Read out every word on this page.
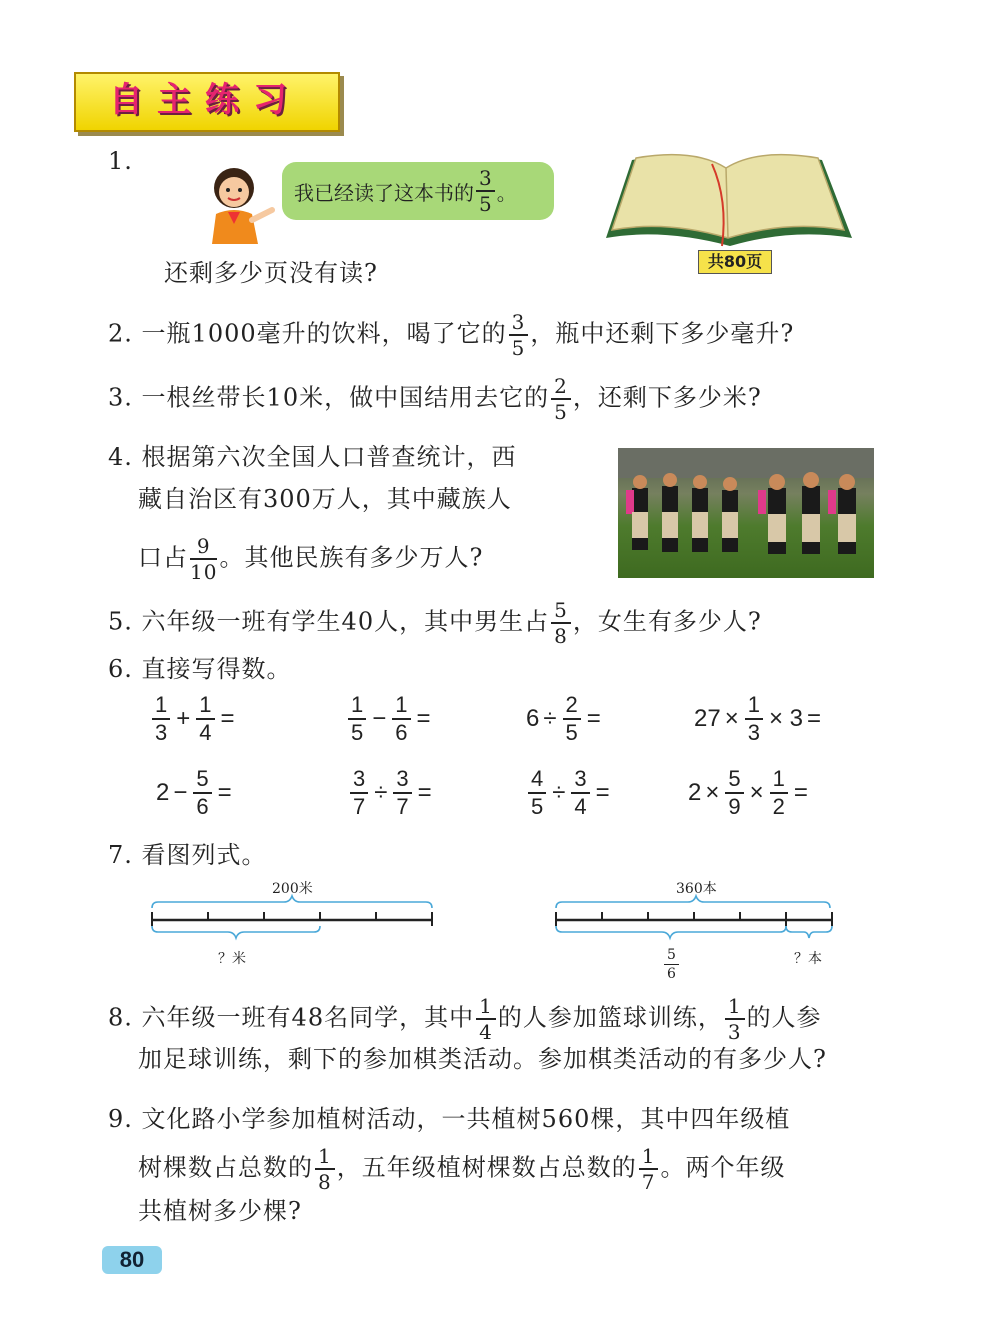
自主练习
1.
我已经读了这本书的 $\frac{3}{5}$ 。
共80页
还剩多少页没有读?
2. 一瓶1000毫升的饮料，喝了它的 $\frac{3}{5}$ ，瓶中还剩下多少毫升?
3. 一根丝带长10米，做中国结用去它的 $\frac{2}{5}$ ，还剩下多少米?
4. 根据第六次全国人口普查统计，西
藏自治区有300万人，其中藏族人
口占 $\frac{9}{10}$ 。其他民族有多少万人?
5. 六年级一班有学生40人，其中男生占 $\frac{5}{8}$ ，女生有多少人?
6. 直接写得数。
$\frac{1}{3} + \frac{1}{4}$ =	$\frac{1}{5} - \frac{1}{6}$ =	$6 \div \frac{2}{5}$ =	$27 \times \frac{1}{3} \times 3$ =
$2 - \frac{5}{6}$ =	$\frac{3}{7} \div \frac{3}{7}$ =	$\frac{4}{5} \div \frac{3}{4}$ =	$2 \times \frac{5}{9} \times \frac{1}{2}$ =
7. 看图列式。
200米
？米
360本
$\frac{5}{6}$	？本
8. 六年级一班有48名同学，其中 $\frac{1}{4}$ 的人参加篮球训练， $\frac{1}{3}$ 的人参
加足球训练，剩下的参加棋类活动。参加棋类活动的有多少人?
9. 文化路小学参加植树活动，一共植树560棵，其中四年级植
树棵数占总数的 $\frac{1}{8}$ ，五年级植树棵数占总数的 $\frac{1}{7}$ 。两个年级
共植树多少棵?
80
